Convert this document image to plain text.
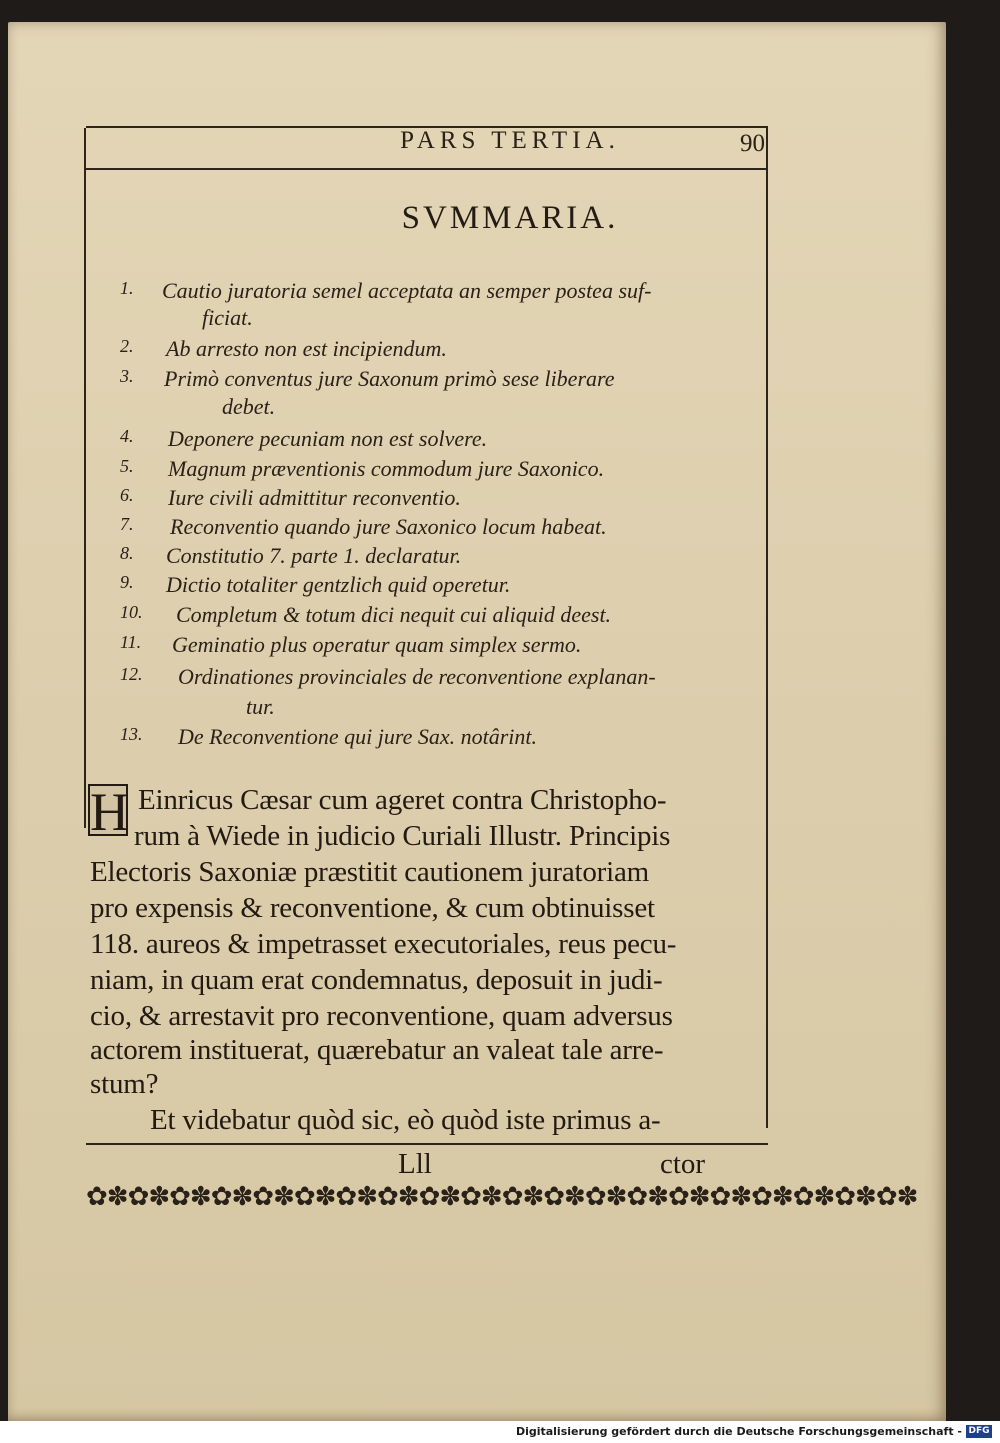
PARS TERTIA.	90
SVMMARIA.
1. Cautio juratoria semel acceptata an semper postea suf-
ficiat.
2. Ab arresto non est incipiendum.
3. Primò conventus jure Saxonum primò sese liberare
debet.
4. Deponere pecuniam non est solvere.
5. Magnum præventionis commodum jure Saxonico.
6. Iure civili admittitur reconventio.
7. Reconventio quando jure Saxonico locum habeat.
8. Constitutio 7. parte 1. declaratur.
9. Dictio totaliter gentzlich quid operetur.
10. Completum & totum dici nequit cui aliquid deest.
11. Geminatio plus operatur quam simplex sermo.
12. Ordinationes provinciales de reconventione explanan-
tur.
13. De Reconventione qui jure Sax. notârint.
H Einricus Cæsar cum ageret contra Christopho-
rum à Wiede in judicio Curiali Illustr. Principis
Electoris Saxoniæ præstitit cautionem juratoriam
pro expensis & reconventione, & cum obtinuisset
118. aureos & impetrasset executoriales, reus pecu-
niam, in quam erat condemnatus, deposuit in judi-
cio, & arrestavit pro reconventione, quam adversus
actorem instituerat, quærebatur an valeat tale arre-
stum?
Et videbatur quòd sic, eò quòd iste primus a-
Lll	ctor
✿✽✿✽✿✽✿✽✿✽✿✽✿✽✿✽✿✽✿✽✿✽✿✽✿✽✿✽✿✽✿✽✿✽✿✽✿✽✿✽
Digitalisierung gefördert durch die Deutsche Forschungsgemeinschaft - DFG
